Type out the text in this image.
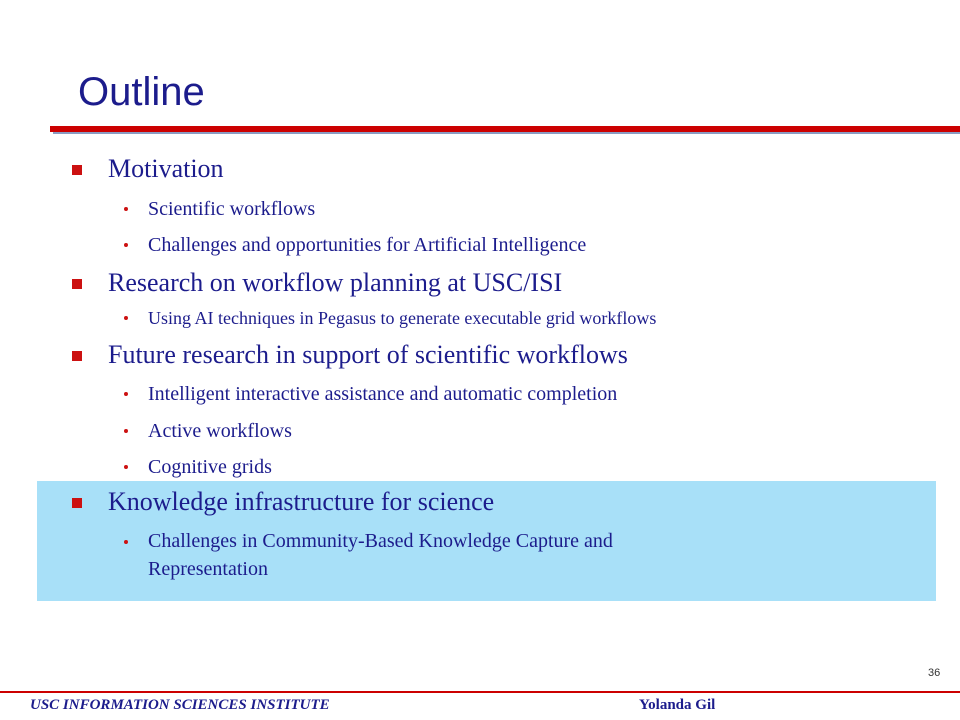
Outline
Motivation
Scientific workflows
Challenges and opportunities for Artificial Intelligence
Research on workflow planning at USC/ISI
Using AI techniques in Pegasus to generate executable grid workflows
Future research in support of scientific workflows
Intelligent interactive assistance and automatic completion
Active workflows
Cognitive grids
Knowledge infrastructure for science
Challenges in Community-Based Knowledge Capture and
Representation
36
USC INFORMATION SCIENCES INSTITUTE	Yolanda Gil
